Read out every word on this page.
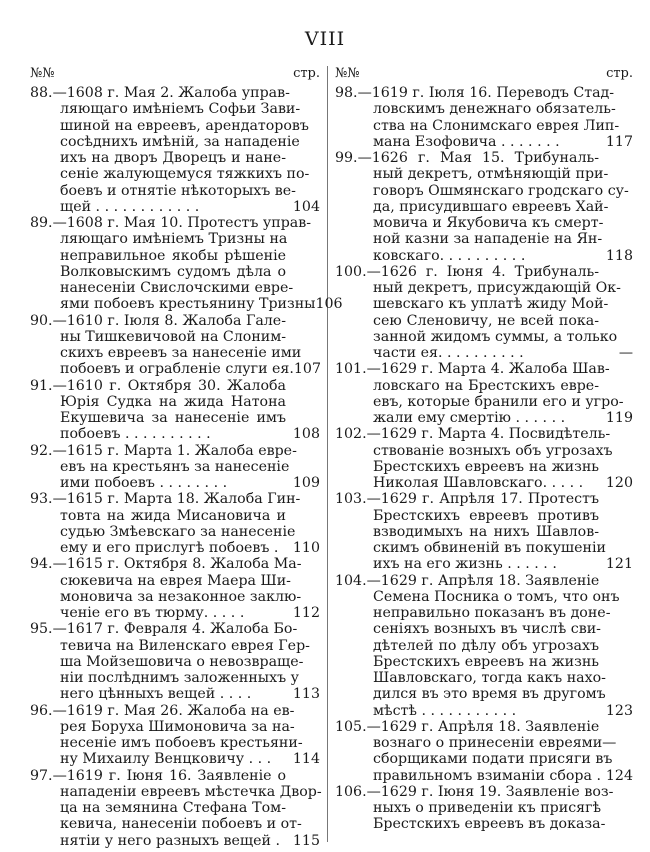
VIII
№№	стр.
88.—1608 г. Мая 2. Жалоба управ-
ляющаго имѣніемъ Софьи Зави-
шиной на евреевъ, арендаторовъ
сосѣднихъ имѣній, за нападеніе
ихъ на дворъ Дворецъ и нане-
сеніе жалующемуся тяжкихъ по-
боевъ и отнятіе нѣкоторыхъ ве-
щей . . . . . . . . . . . .	104
89.—1608 г. Мая 10. Протестъ управ-
ляющаго имѣніемъ Тризны на
неправильное якобы рѣшеніе
Волковыскимъ судомъ дѣла о
нанесеніи Свислочскими евре-
ями побоевъ крестьянину Тризны 106
90.—1610 г. Іюля 8. Жалоба Гале-
ны Тишкевичовой на Слоним-
скихъ евреевъ за нанесеніе ими
побоевъ и ограбленіе слуги ея. 107
91.—1610 г. Октября 30. Жалоба
Юрія Судка на жида Натона
Екушевича за нанесеніе имъ
побоевъ . . . . . . . . . .	108
92.—1615 г. Марта 1. Жалоба евре-
евъ на крестьянъ за нанесеніе
ими побоевъ . . . . . . . .	109
93.—1615 г. Марта 18. Жалоба Гин-
товта на жида Мисановича и
судью Змѣевскаго за нанесеніе
ему и его прислугѣ побоевъ .	110
94.—1615 г. Октября 8. Жалоба Ма-
сюкевича на еврея Маера Ши-
моновича за незаконное заклю-
ченіе его въ тюрму. . . . .	112
95.—1617 г. Февраля 4. Жалоба Бо-
тевича на Виленскаго еврея Гер-
ша Мойзешовича о невозвраще-
ніи послѣднимъ заложенныхъ у
него цѣнныхъ вещей . . . .	113
96.—1619 г. Мая 26. Жалоба на ев-
рея Боруха Шимоновича за на-
несеніе имъ побоевъ крестьяни-
ну Михаилу Венцковичу . . .	114
97.—1619 г. Іюня 16. Заявленіе о
нападеніи евреевъ мѣстечка Двор-
ца на земянина Стефана Том-
кевича, нанесеніи побоевъ и от-
нятіи у него разныхъ вещей . 115
№№	стр.
98.—1619 г. Іюля 16. Переводъ Стад-
ловскимъ денежнаго обязатель-
ства на Слонимскаго еврея Лип-
мана Езофовича . . . . . . .	117
99.—1626 г. Мая 15. Трибуналь-
ный декретъ, отмѣняющій при-
говоръ Ошмянскаго гродскаго су-
да, присудившаго евреевъ Хай-
мовича и Якубовича къ смерт-
ной казни за нападеніе на Ян-
ковскаго. . . . . . . . . .	118
100.—1626 г. Іюня 4. Трибуналь-
ный декретъ, присуждающій Ок-
шевскаго къ уплатѣ жиду Мой-
сею Сленовичу, не всей пока-
занной жидомъ суммы, а только
части ея. . . . . . . . . .	—
101.—1629 г. Марта 4. Жалоба Шав-
ловскаго на Брестскихъ евре-
евъ, которые бранили его и угро-
жали ему смертію . . . . . .	119
102.—1629 г. Марта 4. Посвидѣтель-
ствованіе возныхъ объ угрозахъ
Брестскихъ евреевъ на жизнь
Николая Шавловскаго. . . . .	120
103.—1629 г. Апрѣля 17. Протестъ
Брестскихъ евреевъ противъ
взводимыхъ на нихъ Шавлов-
скимъ обвиненій въ покушеніи
ихъ на его жизнь . . . . . .	121
104.—1629 г. Апрѣля 18. Заявленіе
Семена Посника о томъ, что онъ
неправильно показанъ въ доне-
сеніяхъ возныхъ въ числѣ сви-
дѣтелей по дѣлу объ угрозахъ
Брестскихъ евреевъ на жизнь
Шавловскаго, тогда какъ нахо-
дился въ это время въ другомъ
мѣстѣ . . . . . . . . . . .	123
105.—1629 г. Апрѣля 18. Заявленіе
вознаго о принесеніи евреями—
сборщиками подати присяги въ
правильномъ взиманіи сбора . 124
106.—1629 г. Іюня 19. Заявленіе воз-
ныхъ о приведеніи къ присягѣ
Брестскихъ евреевъ въ доказа-
